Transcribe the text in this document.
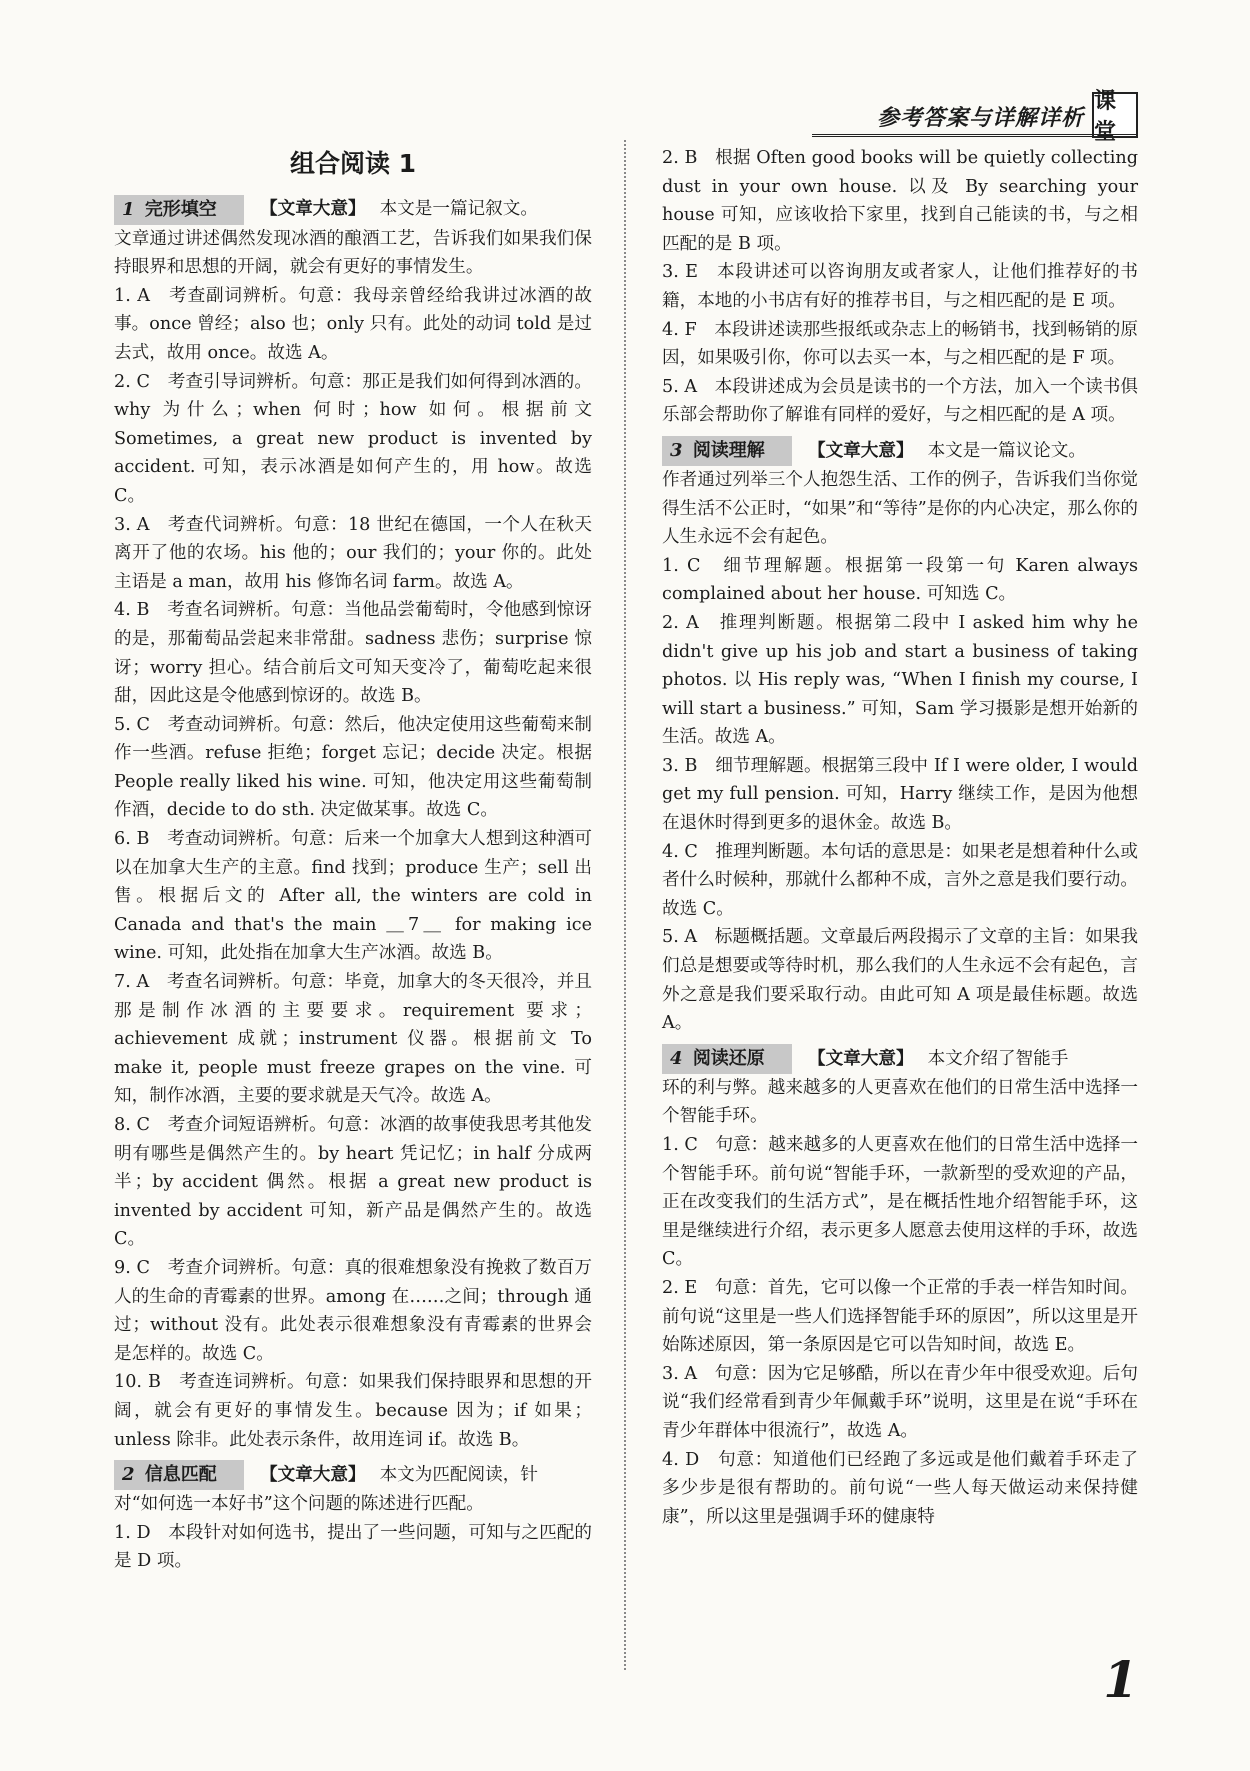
参考答案与详解详析
课堂
组合阅读 1
1 完形填空	【文章大意】 本文是一篇记叙文。

文章通过讲述偶然发现冰酒的酿酒工艺，告诉我们如果我们保持眼界和思想的开阔，就会有更好的事情发生。

1. A　考查副词辨析。句意：我母亲曾经给我讲过冰酒的故事。once 曾经；also 也；only 只有。此处的动词 told 是过去式，故用 once。故选 A。

2. C　考查引导词辨析。句意：那正是我们如何得到冰酒的。why 为什么；when 何时；how 如何。根据前文 Sometimes, a great new product is invented by accident. 可知，表示冰酒是如何产生的，用 how。故选 C。

3. A　考查代词辨析。句意：18 世纪在德国，一个人在秋天离开了他的农场。his 他的；our 我们的；your 你的。此处主语是 a man，故用 his 修饰名词 farm。故选 A。

4. B　考查名词辨析。句意：当他品尝葡萄时，令他感到惊讶的是，那葡萄品尝起来非常甜。sadness 悲伤；surprise 惊讶；worry 担心。结合前后文可知天变冷了，葡萄吃起来很甜，因此这是令他感到惊讶的。故选 B。

5. C　考查动词辨析。句意：然后，他决定使用这些葡萄来制作一些酒。refuse 拒绝；forget 忘记；decide 决定。根据 People really liked his wine. 可知，他决定用这些葡萄制作酒，decide to do sth. 决定做某事。故选 C。

6. B　考查动词辨析。句意：后来一个加拿大人想到这种酒可以在加拿大生产的主意。find 找到；produce 生产；sell 出售。根据后文的 After all, the winters are cold in Canada and that's the main ＿7＿ for making ice wine. 可知，此处指在加拿大生产冰酒。故选 B。

7. A　考查名词辨析。句意：毕竟，加拿大的冬天很冷，并且那是制作冰酒的主要要求。requirement 要求；achievement 成就；instrument 仪器。根据前文 To make it, people must freeze grapes on the vine. 可知，制作冰酒，主要的要求就是天气冷。故选 A。

8. C　考查介词短语辨析。句意：冰酒的故事使我思考其他发明有哪些是偶然产生的。by heart 凭记忆；in half 分成两半；by accident 偶然。根据 a great new product is invented by accident 可知，新产品是偶然产生的。故选 C。

9. C　考查介词辨析。句意：真的很难想象没有挽救了数百万人的生命的青霉素的世界。among 在……之间；through 通过；without 没有。此处表示很难想象没有青霉素的世界会是怎样的。故选 C。

10. B　考查连词辨析。句意：如果我们保持眼界和思想的开阔，就会有更好的事情发生。because 因为；if 如果；unless 除非。此处表示条件，故用连词 if。故选 B。

2 信息匹配	【文章大意】 本文为匹配阅读，针

对“如何选一本好书”这个问题的陈述进行匹配。

1. D　本段针对如何选书，提出了一些问题，可知与之匹配的是 D 项。

2. B　根据 Often good books will be quietly collecting dust in your own house. 以及 By searching your house 可知，应该收拾下家里，找到自己能读的书，与之相匹配的是 B 项。

3. E　本段讲述可以咨询朋友或者家人，让他们推荐好的书籍，本地的小书店有好的推荐书目，与之相匹配的是 E 项。

4. F　本段讲述读那些报纸或杂志上的畅销书，找到畅销的原因，如果吸引你，你可以去买一本，与之相匹配的是 F 项。

5. A　本段讲述成为会员是读书的一个方法，加入一个读书俱乐部会帮助你了解谁有同样的爱好，与之相匹配的是 A 项。

3 阅读理解	【文章大意】 本文是一篇议论文。

作者通过列举三个人抱怨生活、工作的例子，告诉我们当你觉得生活不公正时，“如果”和“等待”是你的内心决定，那么你的人生永远不会有起色。

1. C　细节理解题。根据第一段第一句 Karen always complained about her house. 可知选 C。

2. A　推理判断题。根据第二段中 I asked him why he didn't give up his job and start a business of taking photos. 以 His reply was, “When I finish my course, I will start a business.” 可知，Sam 学习摄影是想开始新的生活。故选 A。

3. B　细节理解题。根据第三段中 If I were older, I would get my full pension. 可知，Harry 继续工作，是因为他想在退休时得到更多的退休金。故选 B。

4. C　推理判断题。本句话的意思是：如果老是想着种什么或者什么时候种，那就什么都种不成，言外之意是我们要行动。故选 C。

5. A　标题概括题。文章最后两段揭示了文章的主旨：如果我们总是想要或等待时机，那么我们的人生永远不会有起色，言外之意是我们要采取行动。由此可知 A 项是最佳标题。故选 A。

4 阅读还原	【文章大意】 本文介绍了智能手

环的利与弊。越来越多的人更喜欢在他们的日常生活中选择一个智能手环。

1. C　句意：越来越多的人更喜欢在他们的日常生活中选择一个智能手环。前句说“智能手环，一款新型的受欢迎的产品，正在改变我们的生活方式”，是在概括性地介绍智能手环，这里是继续进行介绍，表示更多人愿意去使用这样的手环，故选 C。

2. E　句意：首先，它可以像一个正常的手表一样告知时间。前句说“这里是一些人们选择智能手环的原因”，所以这里是开始陈述原因，第一条原因是它可以告知时间，故选 E。

3. A　句意：因为它足够酷，所以在青少年中很受欢迎。后句说“我们经常看到青少年佩戴手环”说明，这里是在说“手环在青少年群体中很流行”，故选 A。

4. D　句意：知道他们已经跑了多远或是他们戴着手环走了多少步是很有帮助的。前句说“一些人每天做运动来保持健康”，所以这里是强调手环的健康特

1
